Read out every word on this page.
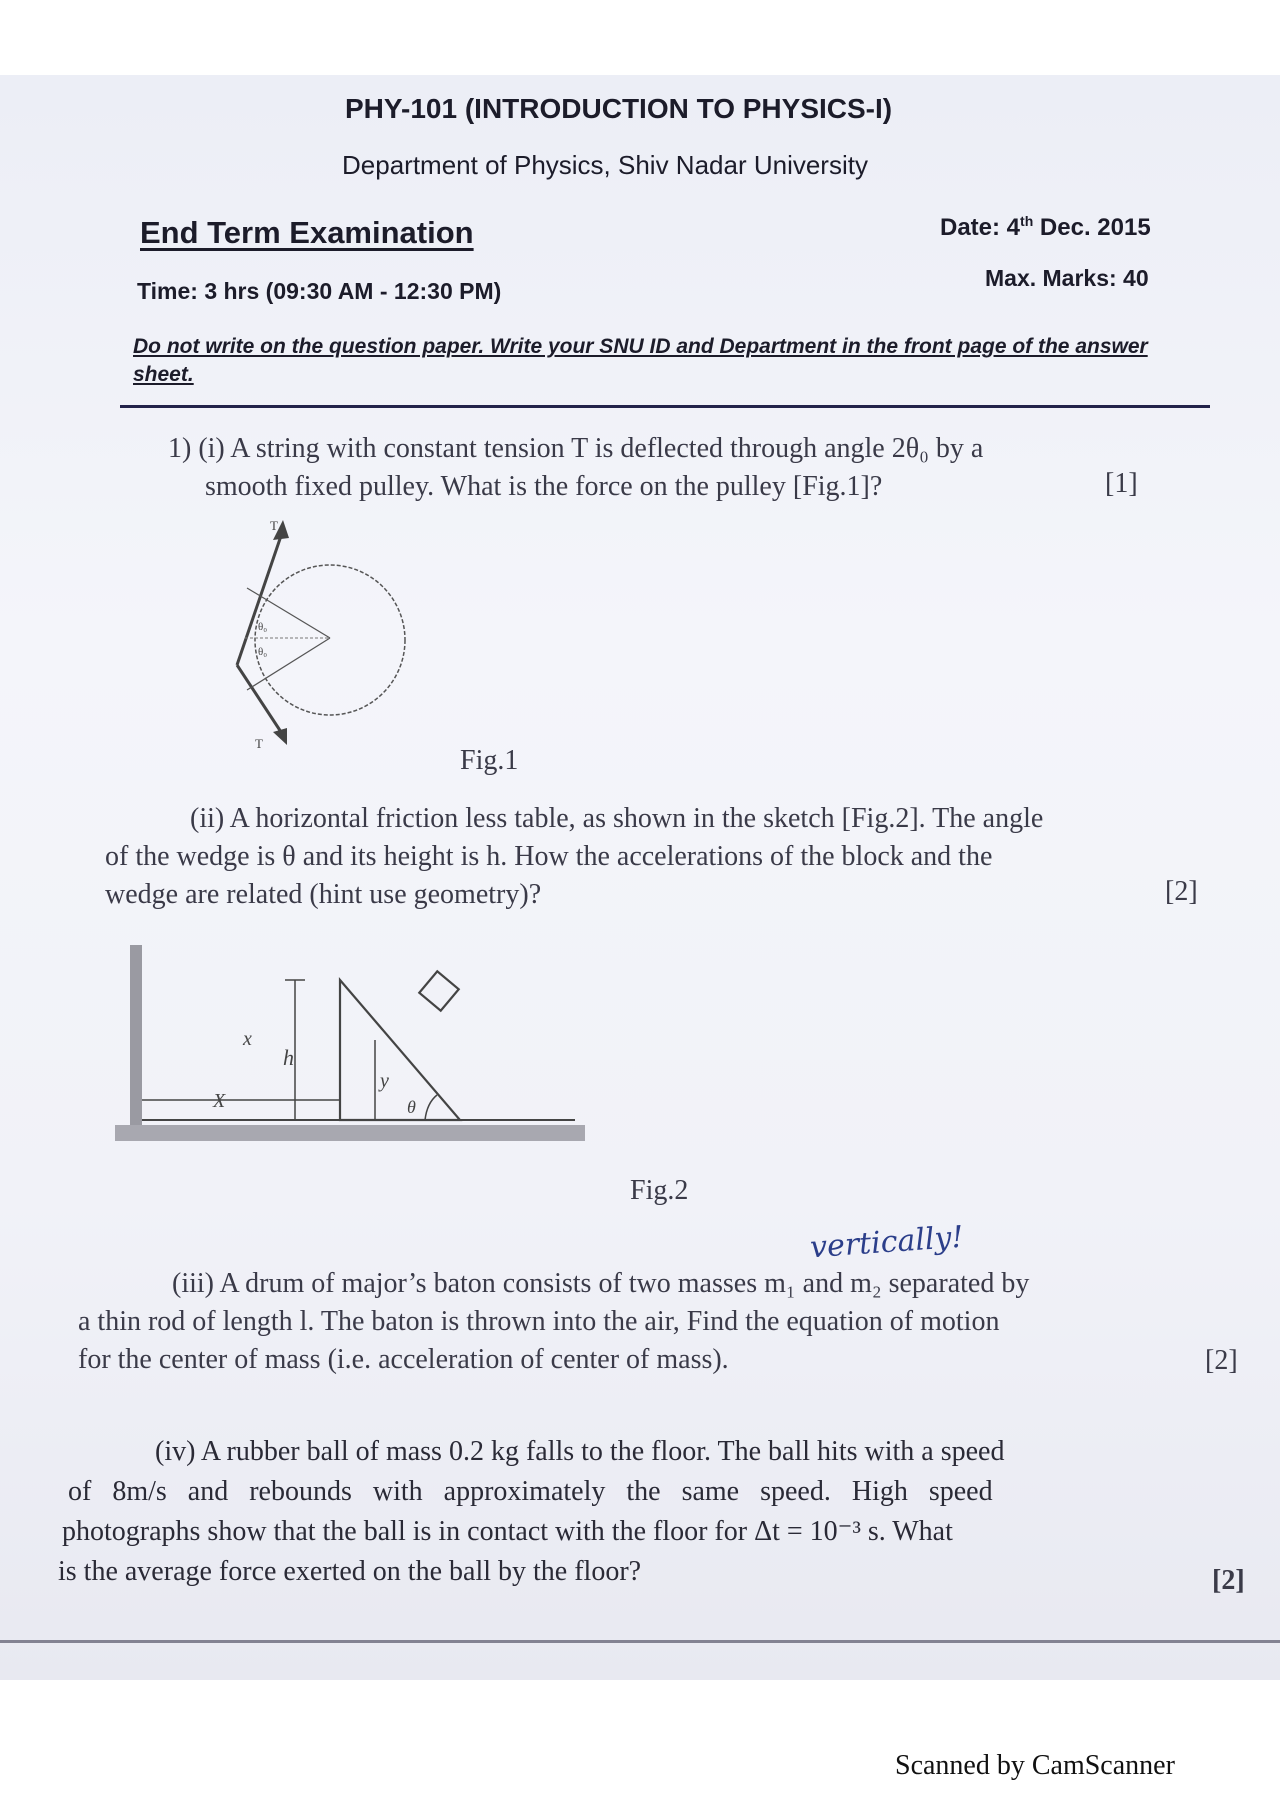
PHY-101 (INTRODUCTION TO PHYSICS-I)
Department of Physics, Shiv Nadar University
End Term Examination	Date: 4th Dec. 2015
Time: 3 hrs (09:30 AM - 12:30 PM)	Max. Marks: 40
Do not write on the question paper. Write your SNU ID and Department in the front page of the answer sheet.
1) (i) A string with constant tension T is deflected through angle 2θ₀ by a
smooth fixed pulley. What is the force on the pulley [Fig.1]?	[1]
T
T
θ₀
θ₀
Fig.1
(ii) A horizontal friction less table, as shown in the sketch [Fig.2]. The angle
of the wedge is θ and its height is h. How the accelerations of the block and the
wedge are related (hint use geometry)?	[2]
x
X
h
y
θ
Fig.2
vertically!
(iii) A drum of major’s baton consists of two masses m₁ and m₂ separated by
a thin rod of length l. The baton is thrown into the air, Find the equation of motion
for the center of mass (i.e. acceleration of center of mass).	[2]
(iv) A rubber ball of mass 0.2 kg falls to the floor. The ball hits with a speed
of 8m/s and rebounds with approximately the same speed. High speed
photographs show that the ball is in contact with the floor for Δt = 10⁻³ s. What
is the average force exerted on the ball by the floor?	[2]
Scanned by CamScanner
